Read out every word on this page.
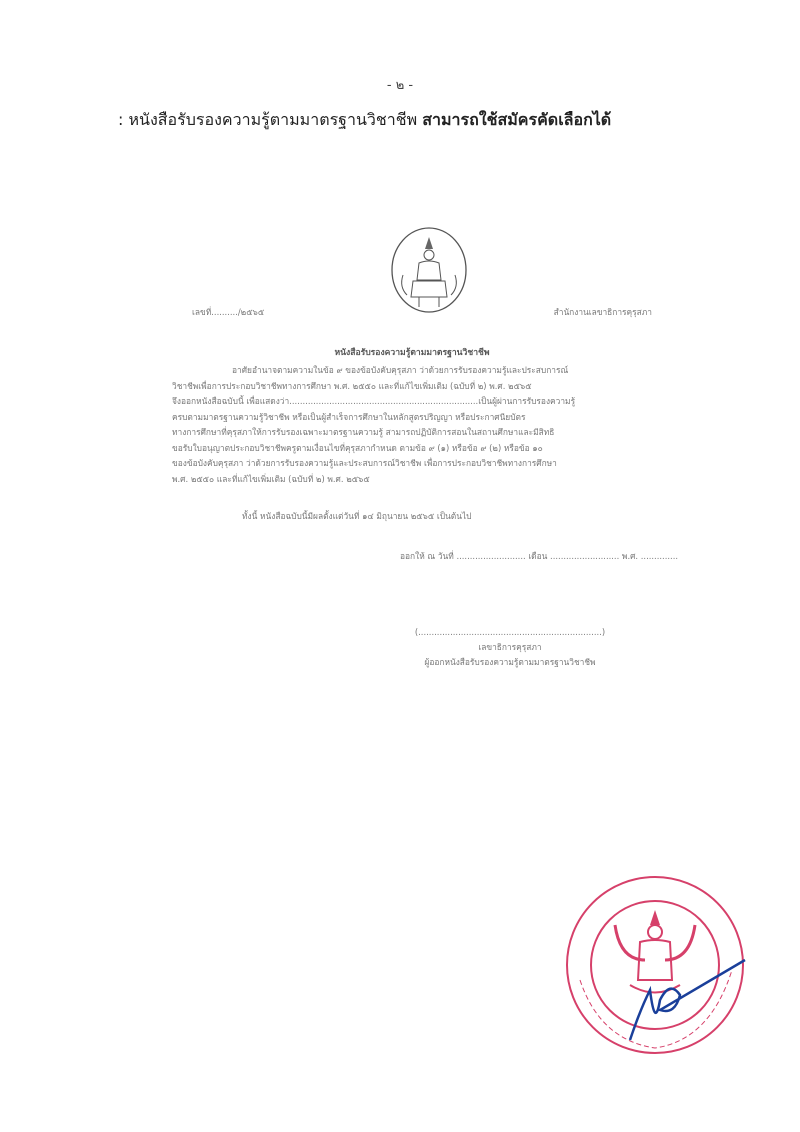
- ๒ -
: หนังสือรับรองความรู้ตามมาตรฐานวิชาชีพ สามารถใช้สมัครคัดเลือกได้
เลขที่........../๒๕๖๕	สำนักงานเลขาธิการคุรุสภา
หนังสือรับรองความรู้ตามมาตรฐานวิชาชีพ

อาศัยอำนาจตามความในข้อ ๙ ของข้อบังคับคุรุสภา ว่าด้วยการรับรองความรู้และประสบการณ์

วิชาชีพเพื่อการประกอบวิชาชีพทางการศึกษา พ.ศ. ๒๕๕๐ และที่แก้ไขเพิ่มเติม (ฉบับที่ ๒) พ.ศ. ๒๕๖๕

จึงออกหนังสือฉบับนี้ เพื่อแสดงว่า.......................................................................เป็นผู้ผ่านการรับรองความรู้

ครบตามมาตรฐานความรู้วิชาชีพ หรือเป็นผู้สำเร็จการศึกษาในหลักสูตรปริญญา หรือประกาศนียบัตร

ทางการศึกษาที่คุรุสภาให้การรับรองเฉพาะมาตรฐานความรู้ สามารถปฏิบัติการสอนในสถานศึกษาและมีสิทธิ

ขอรับใบอนุญาตประกอบวิชาชีพครูตามเงื่อนไขที่คุรุสภากำหนด ตามข้อ ๙ (๑) หรือข้อ ๙ (๒) หรือข้อ ๑๐

ของข้อบังคับคุรุสภา ว่าด้วยการรับรองความรู้และประสบการณ์วิชาชีพ เพื่อการประกอบวิชาชีพทางการศึกษา

พ.ศ. ๒๕๕๐ และที่แก้ไขเพิ่มเติม (ฉบับที่ ๒) พ.ศ. ๒๕๖๕

ทั้งนี้ หนังสือฉบับนี้มีผลตั้งแต่วันที่ ๑๔ มิถุนายน ๒๕๖๕ เป็นต้นไป
ออกให้ ณ วันที่ .......................... เดือน .......................... พ.ศ. ..............
(.....................................................................)
เลขาธิการคุรุสภา
ผู้ออกหนังสือรับรองความรู้ตามมาตรฐานวิชาชีพ
